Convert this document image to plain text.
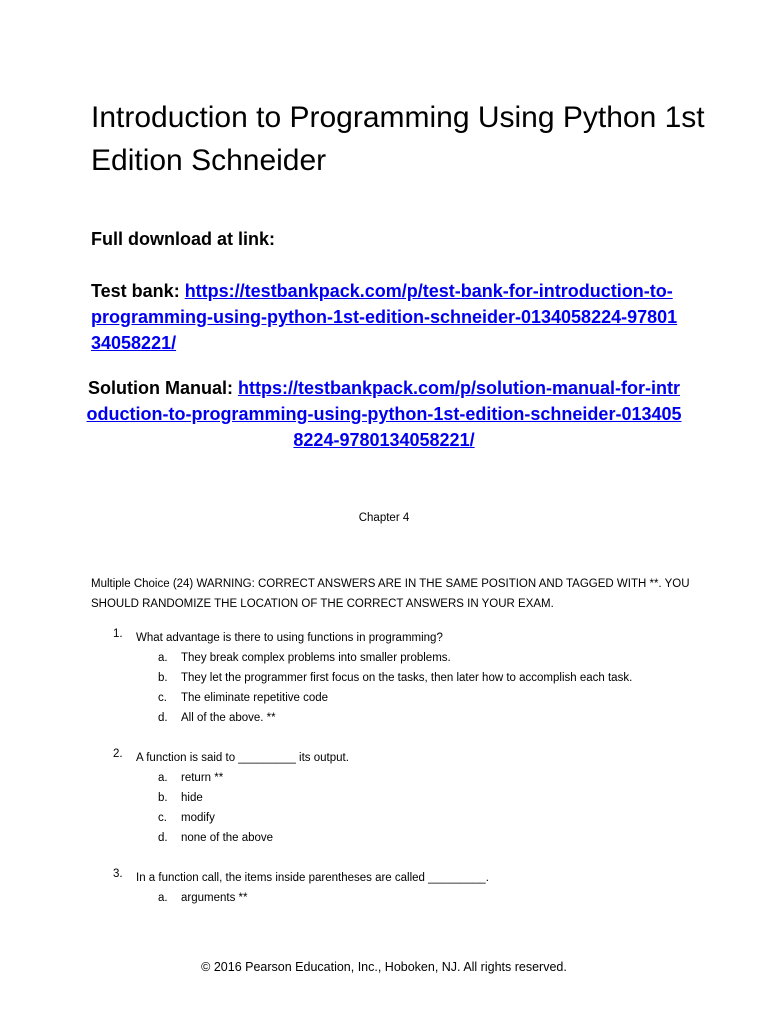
Introduction to Programming Using Python 1st Edition Schneider

Full download at link:

Test bank: https://testbankpack.com/p/test-bank-for-introduction-to-programming-using-python-1st-edition-schneider-0134058224-9780134058221/

Solution Manual: https://testbankpack.com/p/solution-manual-for-introduction-to-programming-using-python-1st-edition-schneider-0134058224-9780134058221/

Chapter 4

Multiple Choice (24) WARNING: CORRECT ANSWERS ARE IN THE SAME POSITION AND TAGGED WITH **. YOU SHOULD RANDOMIZE THE LOCATION OF THE CORRECT ANSWERS IN YOUR EXAM.

1. What advantage is there to using functions in programming?
a. They break complex problems into smaller problems.
b. They let the programmer first focus on the tasks, then later how to accomplish each task.
c. The eliminate repetitive code
d. All of the above. **
2. A function is said to _________ its output.
a. return **
b. hide
c. modify
d. none of the above
3. In a function call, the items inside parentheses are called _________.
a. arguments **

© 2016 Pearson Education, Inc., Hoboken, NJ. All rights reserved.
